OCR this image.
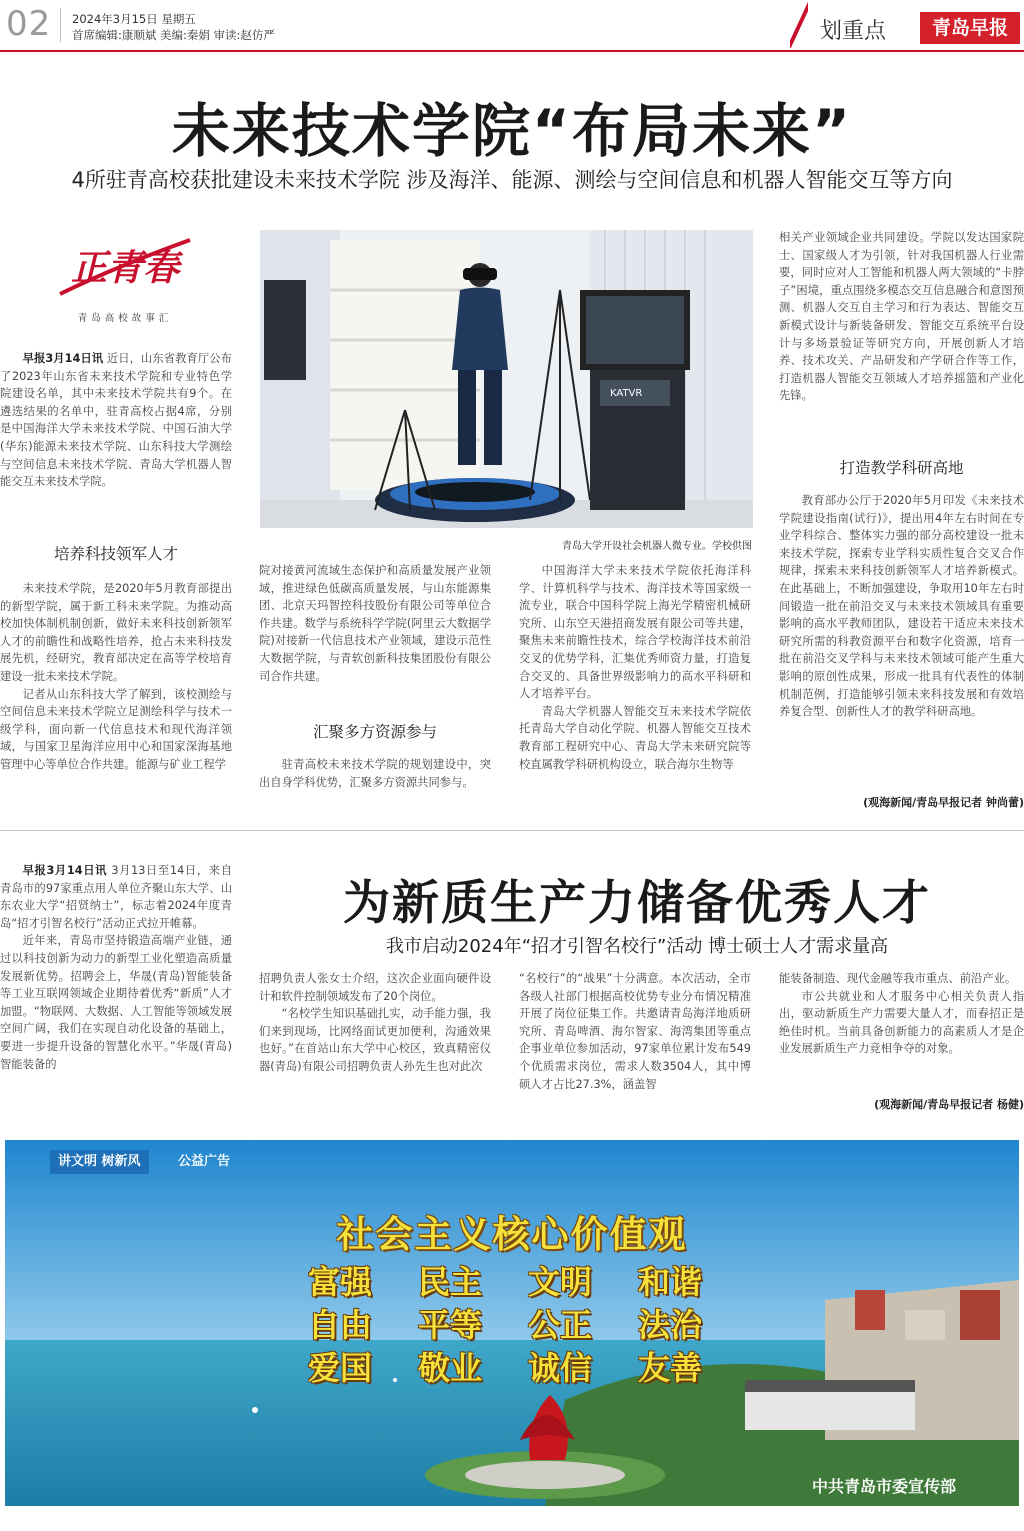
02 2024年3月15日 星期五
首席编辑:康顺斌 美编:秦娟 审读:赵仿严	划重点	青岛早报
未来技术学院“布局未来”
4所驻青高校获批建设未来技术学院 涉及海洋、能源、测绘与空间信息和机器人智能交互等方向
正青春
青岛高校故事汇

早报3月14日讯 近日，山东省教育厅公布了2023年山东省未来技术学院和专业特色学院建设名单，其中未来技术学院共有9个。在遴选结果的名单中，驻青高校占据4席，分别是中国海洋大学未来技术学院、中国石油大学(华东)能源未来技术学院、山东科技大学测绘与空间信息未来技术学院、青岛大学机器人智能交互未来技术学院。

培养科技领军人才

未来技术学院，是2020年5月教育部提出的新型学院，属于新工科未来学院。为推动高校加快体制机制创新，做好未来科技创新领军人才的前瞻性和战略性培养，抢占未来科技发展先机，经研究，教育部决定在高等学校培育建设一批未来技术学院。

记者从山东科技大学了解到，该校测绘与空间信息未来技术学院立足测绘科学与技术一级学科，面向新一代信息技术和现代海洋领域，与国家卫星海洋应用中心和国家深海基地管理中心等单位合作共建。能源与矿业工程学

KATVR
青岛大学开设社会机器人微专业。学校供图

院对接黄河流域生态保护和高质量发展产业领域，推进绿色低碳高质量发展，与山东能源集团、北京天玛智控科技股份有限公司等单位合作共建。数学与系统科学学院(阿里云大数据学院)对接新一代信息技术产业领域，建设示范性大数据学院，与青软创新科技集团股份有限公司合作共建。

汇聚多方资源参与

驻青高校未来技术学院的规划建设中，突出自身学科优势，汇聚多方资源共同参与。

中国海洋大学未来技术学院依托海洋科学、计算机科学与技术、海洋技术等国家级一流专业，联合中国科学院上海光学精密机械研究所、山东空天港招商发展有限公司等共建，聚焦未来前瞻性技术，综合学校海洋技术前沿交叉的优势学科，汇集优秀师资力量，打造复合交叉的、具备世界级影响力的高水平科研和人才培养平台。

青岛大学机器人智能交互未来技术学院依托青岛大学自动化学院、机器人智能交互技术教育部工程研究中心、青岛大学未来研究院等校直属教学科研机构设立，联合海尔生物等

相关产业领域企业共同建设。学院以发达国家院士、国家级人才为引领，针对我国机器人行业需要，同时应对人工智能和机器人两大领域的“卡脖子”困境，重点围绕多模态交互信息融合和意图预测、机器人交互自主学习和行为表达、智能交互新模式设计与新装备研发、智能交互系统平台设计与多场景验证等研究方向，开展创新人才培养、技术攻关、产品研发和产学研合作等工作，打造机器人智能交互领域人才培养摇篮和产业化先锋。

打造教学科研高地

教育部办公厅于2020年5月印发《未来技术学院建设指南(试行)》，提出用4年左右时间在专业学科综合、整体实力强的部分高校建设一批未来技术学院，探索专业学科实质性复合交叉合作规律，探索未来科技创新领军人才培养新模式。在此基础上，不断加强建设，争取用10年左右时间锻造一批在前沿交叉与未来技术领域具有重要影响的高水平教师团队，建设若干适应未来技术研究所需的科教资源平台和数字化资源，培育一批在前沿交叉学科与未来技术领域可能产生重大影响的原创性成果，形成一批具有代表性的体制机制范例，打造能够引领未来科技发展和有效培养复合型、创新性人才的教学科研高地。

(观海新闻/青岛早报记者 钟尚蕾)

早报3月14日讯 3月13日至14日，来自青岛市的97家重点用人单位齐聚山东大学、山东农业大学“招贤纳士”，标志着2024年度青岛“招才引智名校行”活动正式拉开帷幕。

近年来，青岛市坚持锻造高端产业链，通过以科技创新为动力的新型工业化塑造高质量发展新优势。招聘会上，华晟(青岛)智能装备等工业互联网领域企业期待着优秀“新质”人才加盟。“物联网、大数据、人工智能等领域发展空间广阔，我们在实现自动化设备的基础上，要进一步提升设备的智慧化水平。”华晟(青岛)智能装备的

为新质生产力储备优秀人才
我市启动2024年“招才引智名校行”活动 博士硕士人才需求量高

招聘负责人张女士介绍，这次企业面向硬件设计和软件控制领域发布了20个岗位。

“名校学生知识基础扎实，动手能力强，我们来到现场，比网络面试更加便利，沟通效果也好。”在首站山东大学中心校区，致真精密仪器(青岛)有限公司招聘负责人孙先生也对此次

“名校行”的“战果”十分满意。本次活动，全市各级人社部门根据高校优势专业分布情况精准开展了岗位征集工作。共邀请青岛海洋地质研究所、青岛啤酒、海尔智家、海湾集团等重点企事业单位参加活动，97家单位累计发布549个优质需求岗位，需求人数3504人，其中博硕人才占比27.3%，涵盖智

能装备制造、现代金融等我市重点、前沿产业。

市公共就业和人才服务中心相关负责人指出，驱动新质生产力需要大量人才，而春招正是绝佳时机。当前具备创新能力的高素质人才是企业发展新质生产力竞相争夺的对象。

(观海新闻/青岛早报记者 杨健)
讲文明 树新风	公益广告
社会主义核心价值观
富强	民主	文明	和谐
自由	平等	公正	法治
爱国	敬业	诚信	友善
中共青岛市委宣传部
